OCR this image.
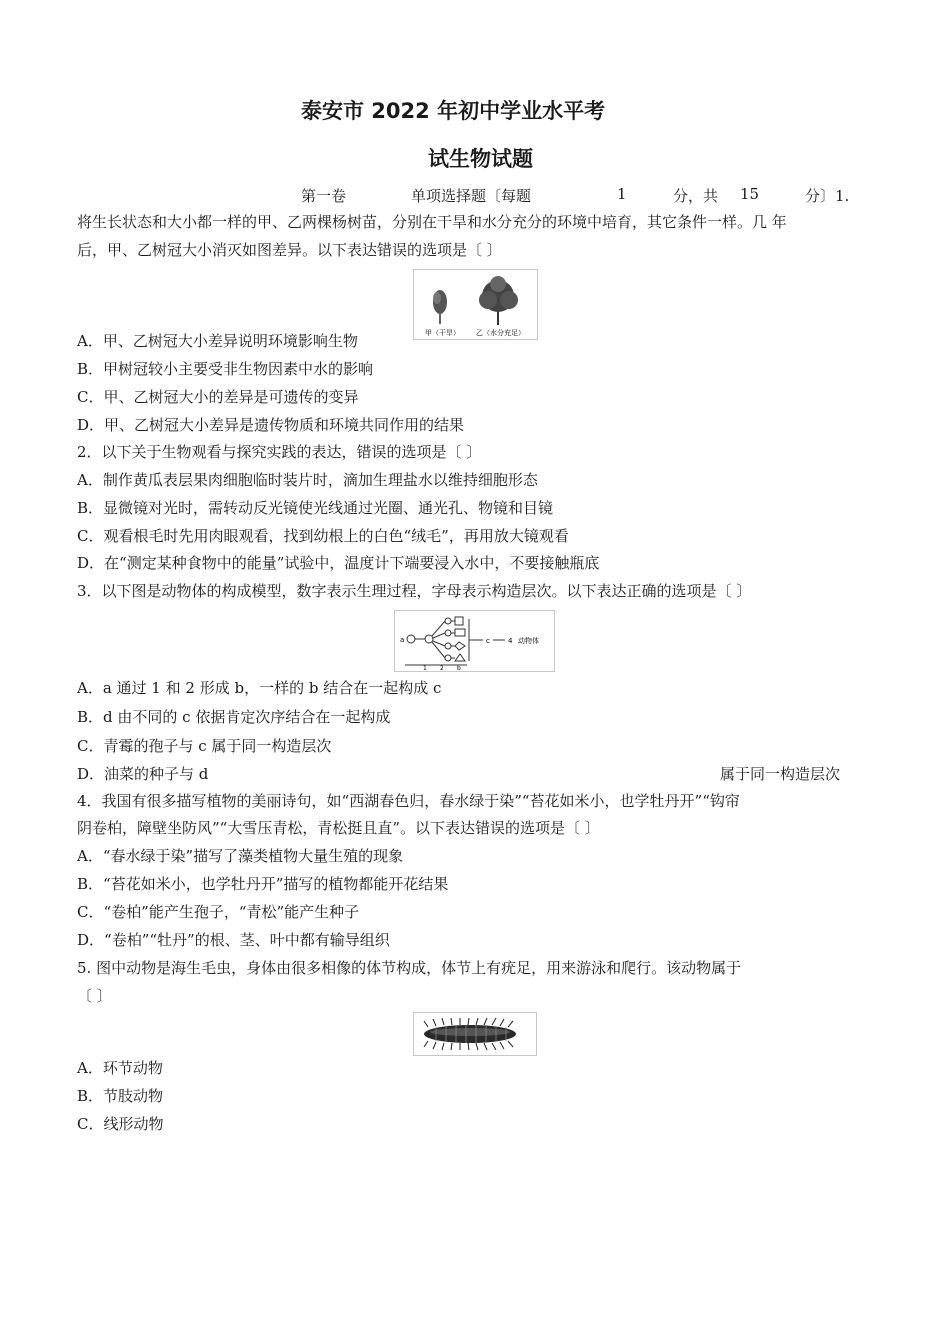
泰安市 2022 年初中学业水平考
试生物试题
第一卷	单项选择题〔每题	1	分，共 15	分〕1.
将生长状态和大小都一样的甲、乙两棵杨树苗，分别在干旱和水分充分的环境中培育，其它条件一样。几 年
后，甲、乙树冠大小消灭如图差异。以下表达错误的选项是〔 〕
甲（干旱） 乙（水分充足）
A．甲、乙树冠大小差异说明环境影响生物
B．甲树冠较小主要受非生物因素中水的影响
C．甲、乙树冠大小的差异是可遗传的变异
D．甲、乙树冠大小差异是遗传物质和环境共同作用的结果
2．以下关于生物观看与探究实践的表达，错误的选项是〔 〕
A．制作黄瓜表层果肉细胞临时装片时，滴加生理盐水以维持细胞形态
B．显微镜对光时，需转动反光镜使光线通过光圈、通光孔、物镜和目镜
C．观看根毛时先用肉眼观看，找到幼根上的白色“绒毛”，再用放大镜观看
D．在“测定某种食物中的能量”试验中，温度计下端要浸入水中，不要接触瓶底
3．以下图是动物体的构成模型，数字表示生理过程，字母表示构造层次。以下表达正确的选项是〔 〕
a
1 2 b
c	4 动物体
A．a 通过 1 和 2 形成 b，一样的 b 结合在一起构成 c
B．d 由不同的 c 依据肯定次序结合在一起构成
C．青霉的孢子与 c 属于同一构造层次
D．油菜的种子与 d	属于同一构造层次
4．我国有很多描写植物的美丽诗句，如“西湖春色归，春水绿于染”“苔花如米小，也学牡丹开”“钩帘
阴卷柏，障壁坐防风”“大雪压青松，青松挺且直”。以下表达错误的选项是〔 〕
A．“春水绿于染”描写了藻类植物大量生殖的现象
B．“苔花如米小，也学牡丹开”描写的植物都能开花结果
C．“卷柏”能产生孢子，“青松”能产生种子
D．“卷柏”“牡丹”的根、茎、叶中都有输导组织
5. 图中动物是海生毛虫，身体由很多相像的体节构成，体节上有疣足，用来游泳和爬行。该动物属于
〔 〕
A．环节动物
B．节肢动物
C．线形动物
